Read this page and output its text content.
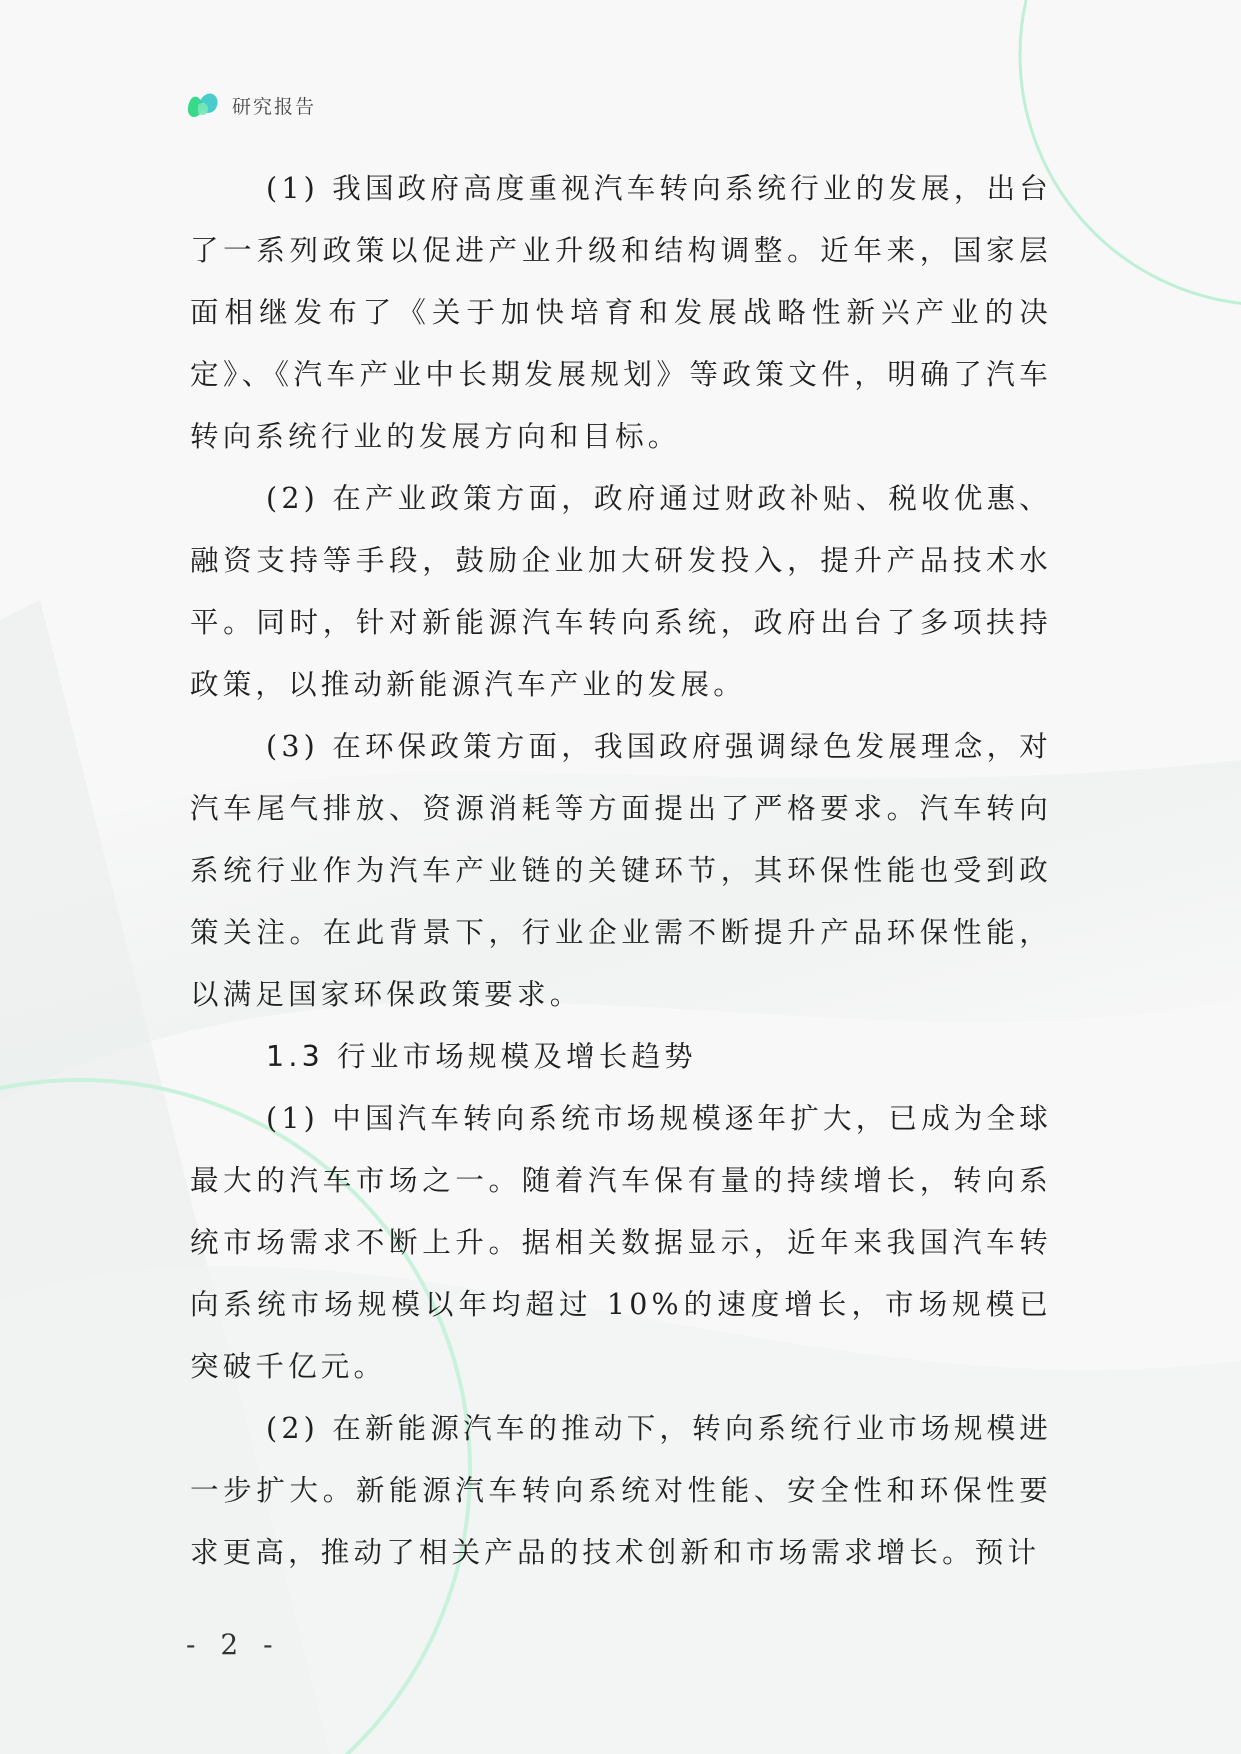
研究报告

(1) 我国政府高度重视汽车转向系统行业的发展，出台了一系列政策以促进产业升级和结构调整。近年来，国家层面相继发布了《关于加快培育和发展战略性新兴产业的决定》、《汽车产业中长期发展规划》等政策文件，明确了汽车转向系统行业的发展方向和目标。

(2) 在产业政策方面，政府通过财政补贴、税收优惠、融资支持等手段，鼓励企业加大研发投入，提升产品技术水平。同时，针对新能源汽车转向系统，政府出台了多项扶持政策，以推动新能源汽车产业的发展。

(3) 在环保政策方面，我国政府强调绿色发展理念，对汽车尾气排放、资源消耗等方面提出了严格要求。汽车转向系统行业作为汽车产业链的关键环节，其环保性能也受到政策关注。在此背景下，行业企业需不断提升产品环保性能，以满足国家环保政策要求。

1.3 行业市场规模及增长趋势

(1) 中国汽车转向系统市场规模逐年扩大，已成为全球最大的汽车市场之一。随着汽车保有量的持续增长，转向系统市场需求不断上升。据相关数据显示，近年来我国汽车转向系统市场规模以年均超过 10%的速度增长，市场规模已突破千亿元。

(2) 在新能源汽车的推动下，转向系统行业市场规模进一步扩大。新能源汽车转向系统对性能、安全性和环保性要求更高，推动了相关产品的技术创新和市场需求增长。预计

- 2 -
